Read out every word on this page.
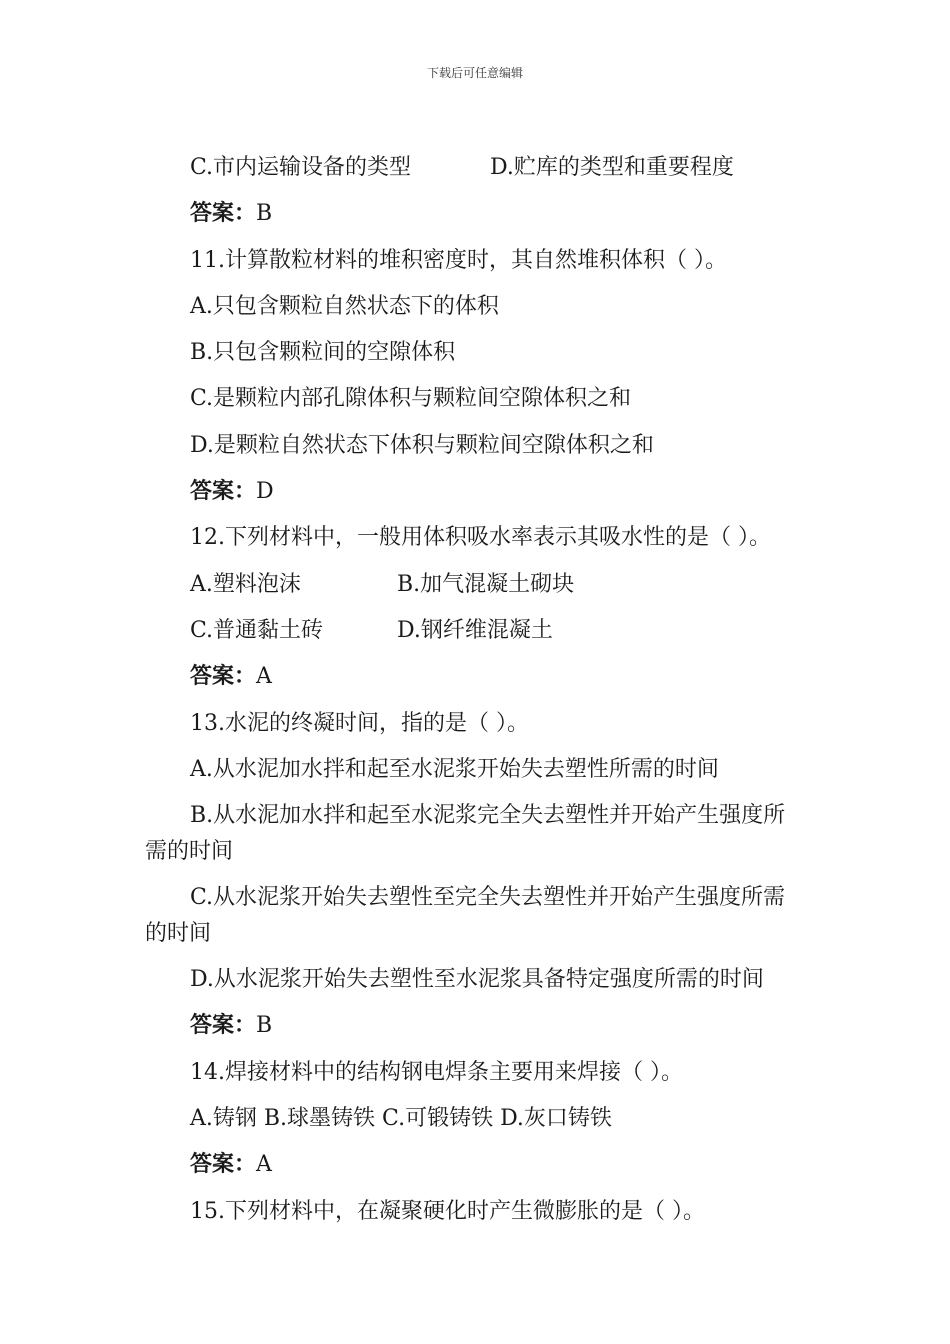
下载后可任意编辑
C.市内运输设备的类型	D.贮库的类型和重要程度
答案：B
11.计算散粒材料的堆积密度时，其自然堆积体积（ ）。
A.只包含颗粒自然状态下的体积
B.只包含颗粒间的空隙体积
C.是颗粒内部孔隙体积与颗粒间空隙体积之和
D.是颗粒自然状态下体积与颗粒间空隙体积之和
答案：D
12.下列材料中，一般用体积吸水率表示其吸水性的是（ ）。
A.塑料泡沫	B.加气混凝土砌块
C.普通黏土砖	D.钢纤维混凝土
答案：A
13.水泥的终凝时间，指的是（ ）。
A.从水泥加水拌和起至水泥浆开始失去塑性所需的时间
B.从水泥加水拌和起至水泥浆完全失去塑性并开始产生强度所需的时间
C.从水泥浆开始失去塑性至完全失去塑性并开始产生强度所需的时间
D.从水泥浆开始失去塑性至水泥浆具备特定强度所需的时间
答案：B
14.焊接材料中的结构钢电焊条主要用来焊接（ ）。
A.铸钢 B.球墨铸铁 C.可锻铸铁 D.灰口铸铁
答案：A
15.下列材料中，在凝聚硬化时产生微膨胀的是（ ）。
